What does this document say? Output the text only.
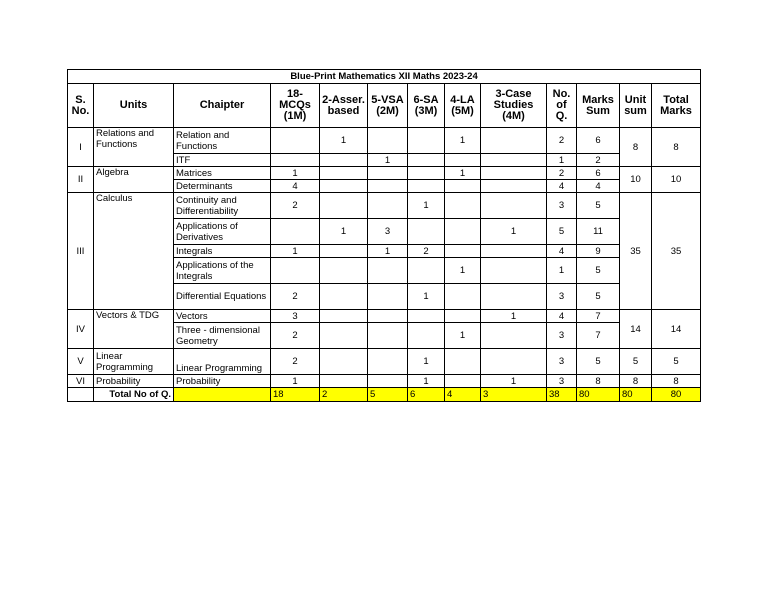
Blue-Print Mathematics XII Maths 2023-24												
S. No.	Units	Chaipter	18-MCQs (1M)	2-Asser. based	5-VSA (2M)	6-SA (3M)	4-LA (5M)	3-Case Studies (4M)	No. of Q.	Marks Sum	Unit sum	Total Marks
I	Relations and Functions	Relation and Functions		1			1		2	6	8	8
		ITF			1				1	2		
II	Algebra	Matrices	1				1		2	6	10	10
		Determinants	4						4	4		
III	Calculus	Continuity and Differentiability	2			1			3	5	35	35
		Applications of Derivatives		1	3			1	5	11		
		Integrals	1		1	2			4	9		
		Applications of the Integrals					1		1	5		
		Differential Equations	2			1			3	5		
IV	Vectors & TDG	Vectors	3					1	4	7	14	14
		Three - dimensional Geometry	2				1		3	7		
V	Linear Programming	Linear Programming	2			1			3	5	5	5
VI	Probability	Probability	1			1		1	3	8	8	8
	Total No of Q.		18	2	5	6	4	3	38	80	80	80
